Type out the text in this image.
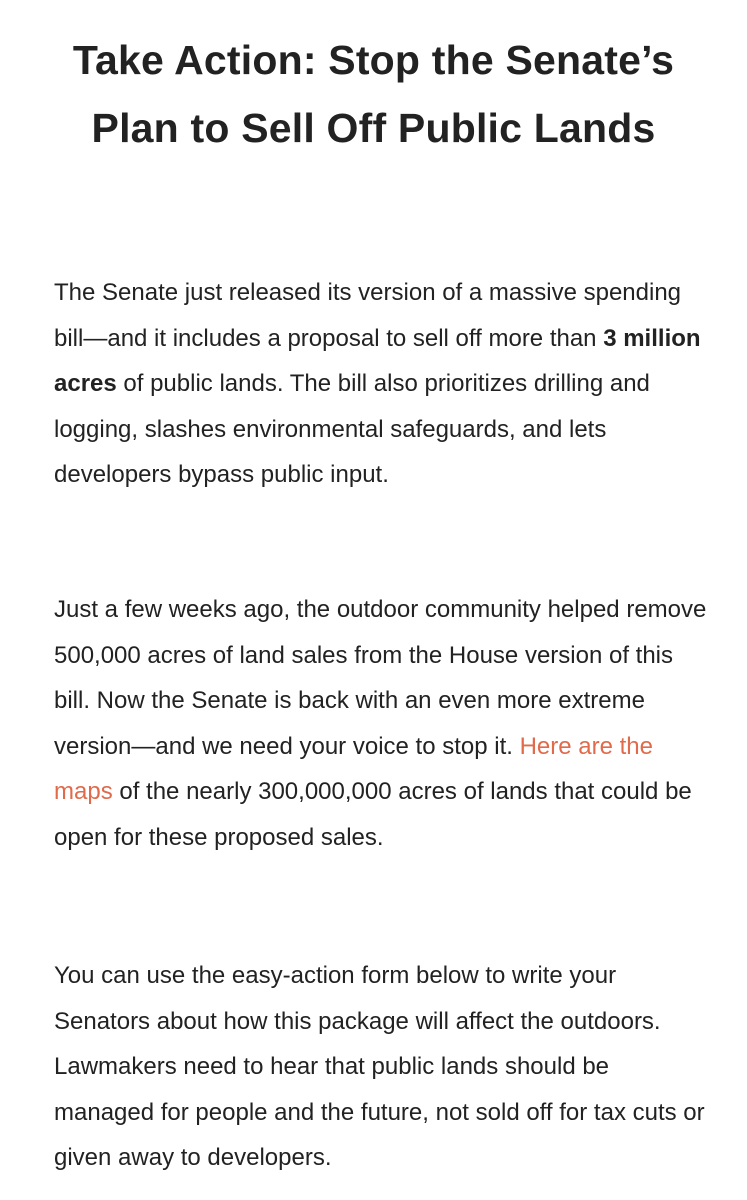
Take Action: Stop the Senate’s Plan to Sell Off Public Lands

The Senate just released its version of a massive spending bill—and it includes a proposal to sell off more than 3 million acres of public lands. The bill also prioritizes drilling and logging, slashes environmental safeguards, and lets developers bypass public input.

Just a few weeks ago, the outdoor community helped remove 500,000 acres of land sales from the House version of this bill. Now the Senate is back with an even more extreme version—and we need your voice to stop it. Here are the maps of the nearly 300,000,000 acres of lands that could be open for these proposed sales.

You can use the easy-action form below to write your Senators about how this package will affect the outdoors. Lawmakers need to hear that public lands should be managed for people and the future, not sold off for tax cuts or given away to developers.
